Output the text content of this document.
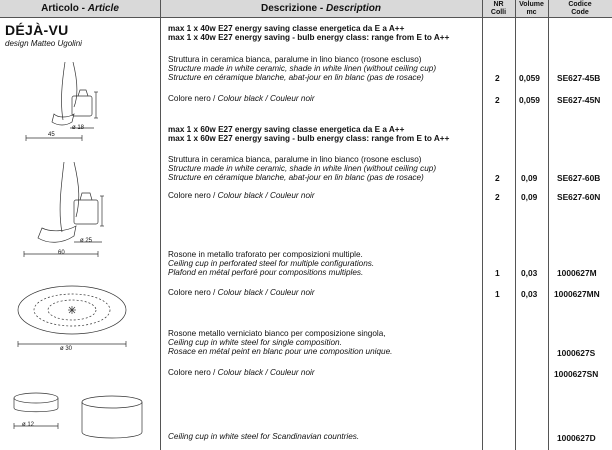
Articolo - Article	Descrizione - Description	NR
Colli
Volume
mc
Codice
Code
DÉJÀ-VU
design Matteo Ugolini
ø 18
45
ø 25
60
ø 30
ø 12
max 1 x 40w E27 energy saving classe energetica da E a A++
max 1 x 40w E27 energy saving - bulb energy class: range from E to A++
Struttura in ceramica bianca, paralume in lino bianco (rosone escluso)
Structure made in white ceramic, shade in white linen (without ceiling cup)
Structure en céramique blanche, abat-jour en lin blanc (pas de rosace)	2 0,059 SE627-45B
Colore nero / Colour black / Couleur noir	2 0,059 SE627-45N
max 1 x 60w E27 energy saving classe energetica da E a A++
max 1 x 60w E27 energy saving - bulb energy class: range from E to A++
Struttura in ceramica bianca, paralume in lino bianco (rosone escluso)
Structure made in white ceramic, shade in white linen (without ceiling cup)
Structure en céramique blanche, abat-jour en lin blanc (pas de rosace)	2	0,09 SE627-60B
Colore nero / Colour black / Couleur noir	2	0,09 SE627-60N
Rosone in metallo traforato per composizioni multiple.
Ceiling cup in perforated steel for multiple configurations.
Plafond en métal perforé pour compositions multiples.	1	0,03 1000627M
Colore nero / Colour black / Couleur noir	1	0,03 1000627MN
Rosone metallo verniciato bianco per composizione singola,
Ceiling cup in white steel for single composition.
Rosace en métal peint en blanc pour une composition unique.	1000627S
Colore nero / Colour black / Couleur noir	1000627SN
Ceiling cup in white steel for Scandinavian countries.	1000627D
